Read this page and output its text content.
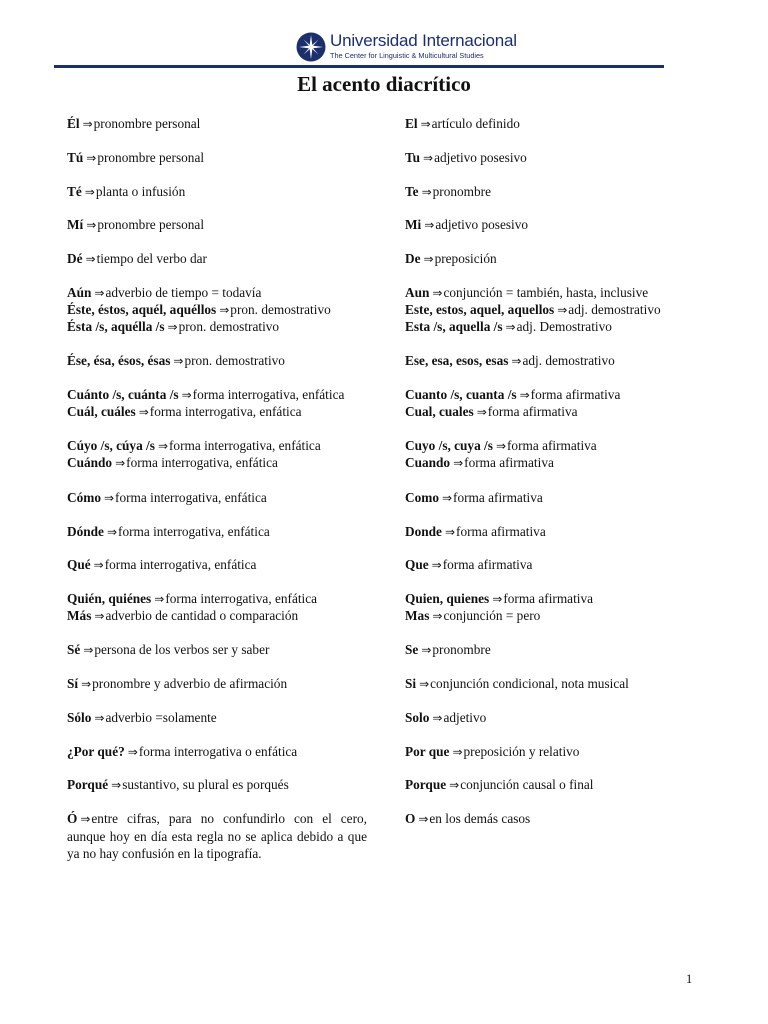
Universidad Internacional
The Center for Linguistic & Multicultural Studies
El acento diacrítico
Él ⇒pronombre personal
Tú ⇒pronombre personal
Té ⇒planta o infusión
Mí ⇒pronombre personal
Dé ⇒tiempo del verbo dar
Aún ⇒adverbio de tiempo = todavía
Éste, éstos, aquél, aquéllos ⇒pron. demostrativo
Ésta /s, aquélla /s ⇒pron. demostrativo
Ése, ésa, ésos, ésas ⇒pron. demostrativo
Cuánto /s, cuánta /s ⇒forma interrogativa, enfática
Cuál, cuáles ⇒forma interrogativa, enfática
Cúyo /s, cúya /s ⇒forma interrogativa, enfática
Cuándo ⇒forma interrogativa, enfática
Cómo ⇒forma interrogativa, enfática
Dónde ⇒forma interrogativa, enfática
Qué ⇒forma interrogativa, enfática
Quién, quiénes ⇒forma interrogativa, enfática
Más ⇒adverbio de cantidad o comparación
Sé ⇒persona de los verbos ser y saber
Sí ⇒pronombre y adverbio de afirmación
Sólo ⇒adverbio =solamente
¿Por qué? ⇒forma interrogativa o enfática
Porqué ⇒sustantivo, su plural es porqués
Ó ⇒entre cifras, para no confundirlo con el cero, aunque hoy en día esta regla no se aplica debido a que ya no hay confusión en la tipografía.
El ⇒artículo definido
Tu ⇒adjetivo posesivo
Te ⇒pronombre
Mi ⇒adjetivo posesivo
De ⇒preposición
Aun ⇒conjunción = también, hasta, inclusive
Este, estos, aquel, aquellos ⇒adj. demostrativo
Esta /s, aquella /s ⇒adj. Demostrativo
Ese, esa, esos, esas ⇒adj. demostrativo
Cuanto /s, cuanta /s ⇒forma afirmativa
Cual, cuales ⇒forma afirmativa
Cuyo /s, cuya /s ⇒forma afirmativa
Cuando ⇒forma afirmativa
Como ⇒forma afirmativa
Donde ⇒forma afirmativa
Que ⇒forma afirmativa
Quien, quienes ⇒forma afirmativa
Mas ⇒conjunción = pero
Se ⇒pronombre
Si ⇒conjunción condicional, nota musical
Solo ⇒adjetivo
Por que ⇒preposición y relativo
Porque ⇒conjunción causal o final
O ⇒en los demás casos
1
